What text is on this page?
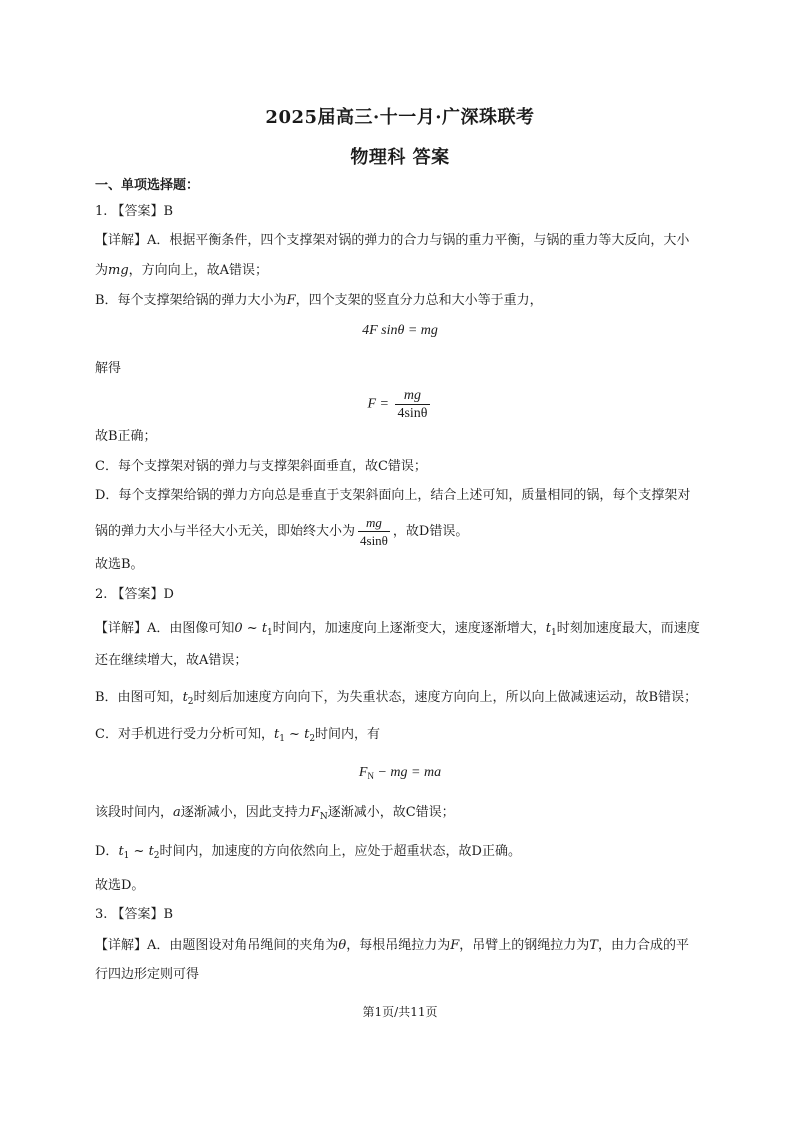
2025届高三·十一月·广深珠联考
物理科 答案
一、单项选择题：
1. 【答案】B
【详解】A．根据平衡条件，四个支撑架对锅的弹力的合力与锅的重力平衡，与锅的重力等大反向，大小
为mg，方向向上，故A错误；
B．每个支撑架给锅的弹力大小为F，四个支架的竖直分力总和大小等于重力，
4F sinθ = mg
解得
$F = \frac{mg}{4\sin\theta}$
故B正确；
C．每个支撑架对锅的弹力与支撑架斜面垂直，故C错误；
D．每个支撑架给锅的弹力方向总是垂直于支架斜面向上，结合上述可知，质量相同的锅，每个支撑架对
锅的弹力大小与半径大小无关，即始终大小为 $\frac{mg}{4\sin\theta}$ ，故D错误。
故选B。
2. 【答案】D
【详解】A．由图像可知0 ~ $t_1$时间内，加速度向上逐渐变大，速度逐渐增大，$t_1$时刻加速度最大，而速度
还在继续增大，故A错误；
B．由图可知，$t_2$时刻后加速度方向向下，为失重状态，速度方向向上，所以向上做减速运动，故B错误；
C．对手机进行受力分析可知，$t_1$ ~ $t_2$时间内，有
$F_N$ − mg = ma
该段时间内，a逐渐减小，因此支持力$F_N$逐渐减小，故C错误；
D．$t_1$ ~ $t_2$时间内，加速度的方向依然向上，应处于超重状态，故D正确。
故选D。
3. 【答案】B
【详解】A．由题图设对角吊绳间的夹角为θ，每根吊绳拉力为F，吊臂上的钢绳拉力为T，由力合成的平
行四边形定则可得
第1页/共11页
